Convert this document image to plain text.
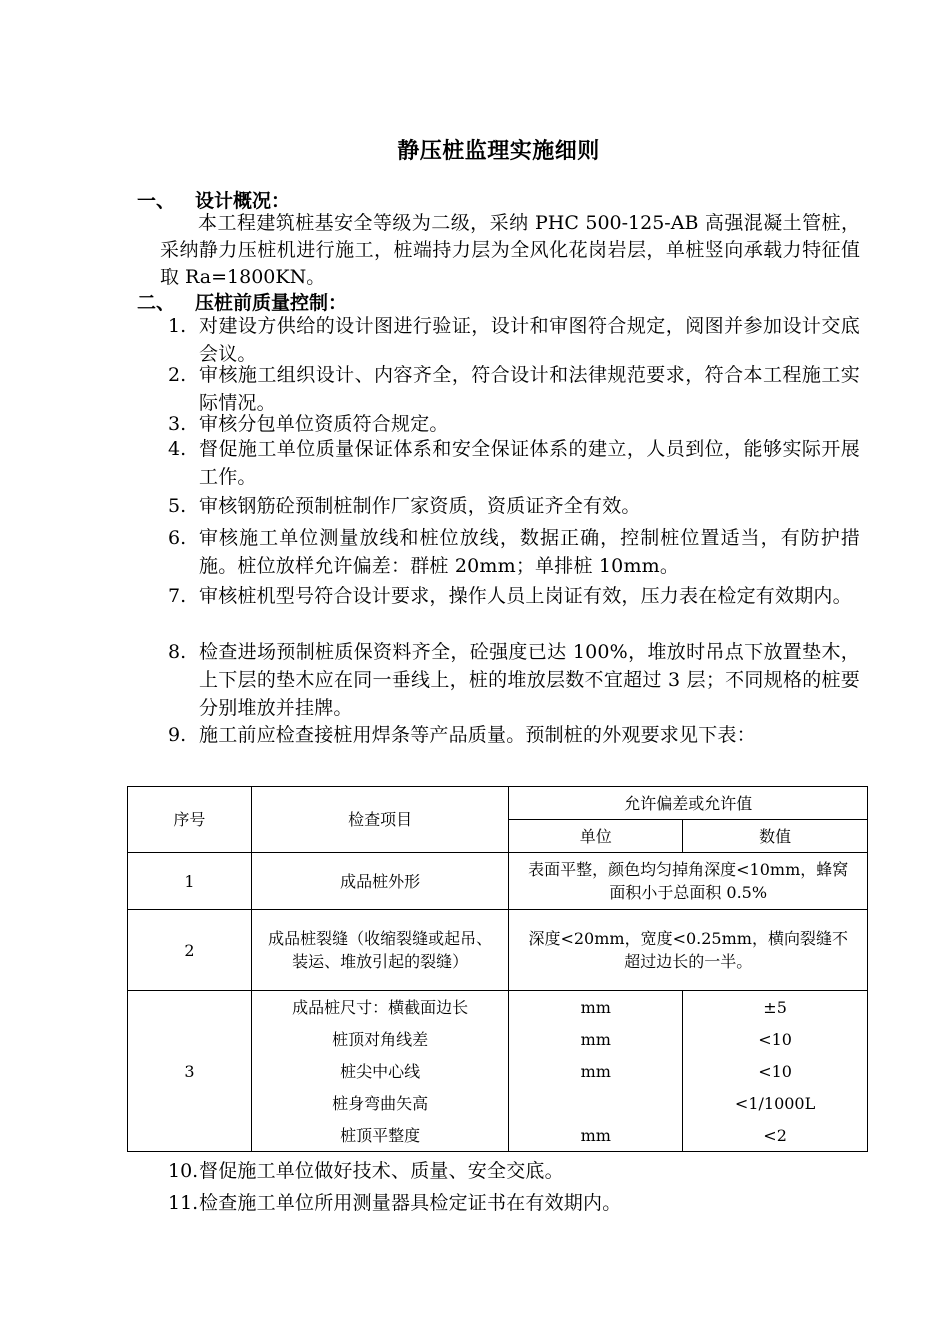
静压桩监理实施细则
一、 设计概况：
本工程建筑桩基安全等级为二级，采纳 PHC 500-125-AB 高强混凝土管桩，采纳静力压桩机进行施工，桩端持力层为全风化花岗岩层，单桩竖向承载力特征值取 Ra=1800KN。
二、 压桩前质量控制：
1. 对建设方供给的设计图进行验证，设计和审图符合规定，阅图并参加设计交底会议。
2. 审核施工组织设计、内容齐全，符合设计和法律规范要求，符合本工程施工实际情况。
3. 审核分包单位资质符合规定。
4. 督促施工单位质量保证体系和安全保证体系的建立，人员到位，能够实际开展工作。
5. 审核钢筋砼预制桩制作厂家资质，资质证齐全有效。
6. 审核施工单位测量放线和桩位放线，数据正确，控制桩位置适当，有防护措施。桩位放样允许偏差：群桩 20mm；单排桩 10mm。
7. 审核桩机型号符合设计要求，操作人员上岗证有效，压力表在检定有效期内。
8. 检查进场预制桩质保资料齐全，砼强度已达 100%，堆放时吊点下放置垫木，上下层的垫木应在同一垂线上，桩的堆放层数不宜超过 3 层；不同规格的桩要分别堆放并挂牌。
9. 施工前应检查接桩用焊条等产品质量。预制桩的外观要求见下表：
序号	检查项目	允许偏差或允许值	
		单位	数值
1	成品桩外形	表面平整，颜色均匀掉角深度<10mm，蜂窝面积小于总面积 0.5%	
2	成品桩裂缝（收缩裂缝或起吊、装运、堆放引起的裂缝）	深度<20mm，宽度<0.25mm，横向裂缝不超过边长的一半。	
3	成品桩尺寸：横截面边长	mm	±5
	桩顶对角线差	mm	<10
	桩尖中心线	mm	<10
	桩身弯曲矢高		<1/1000L
	桩顶平整度	mm	<2
10. 督促施工单位做好技术、质量、安全交底。
11. 检查施工单位所用测量器具检定证书在有效期内。
